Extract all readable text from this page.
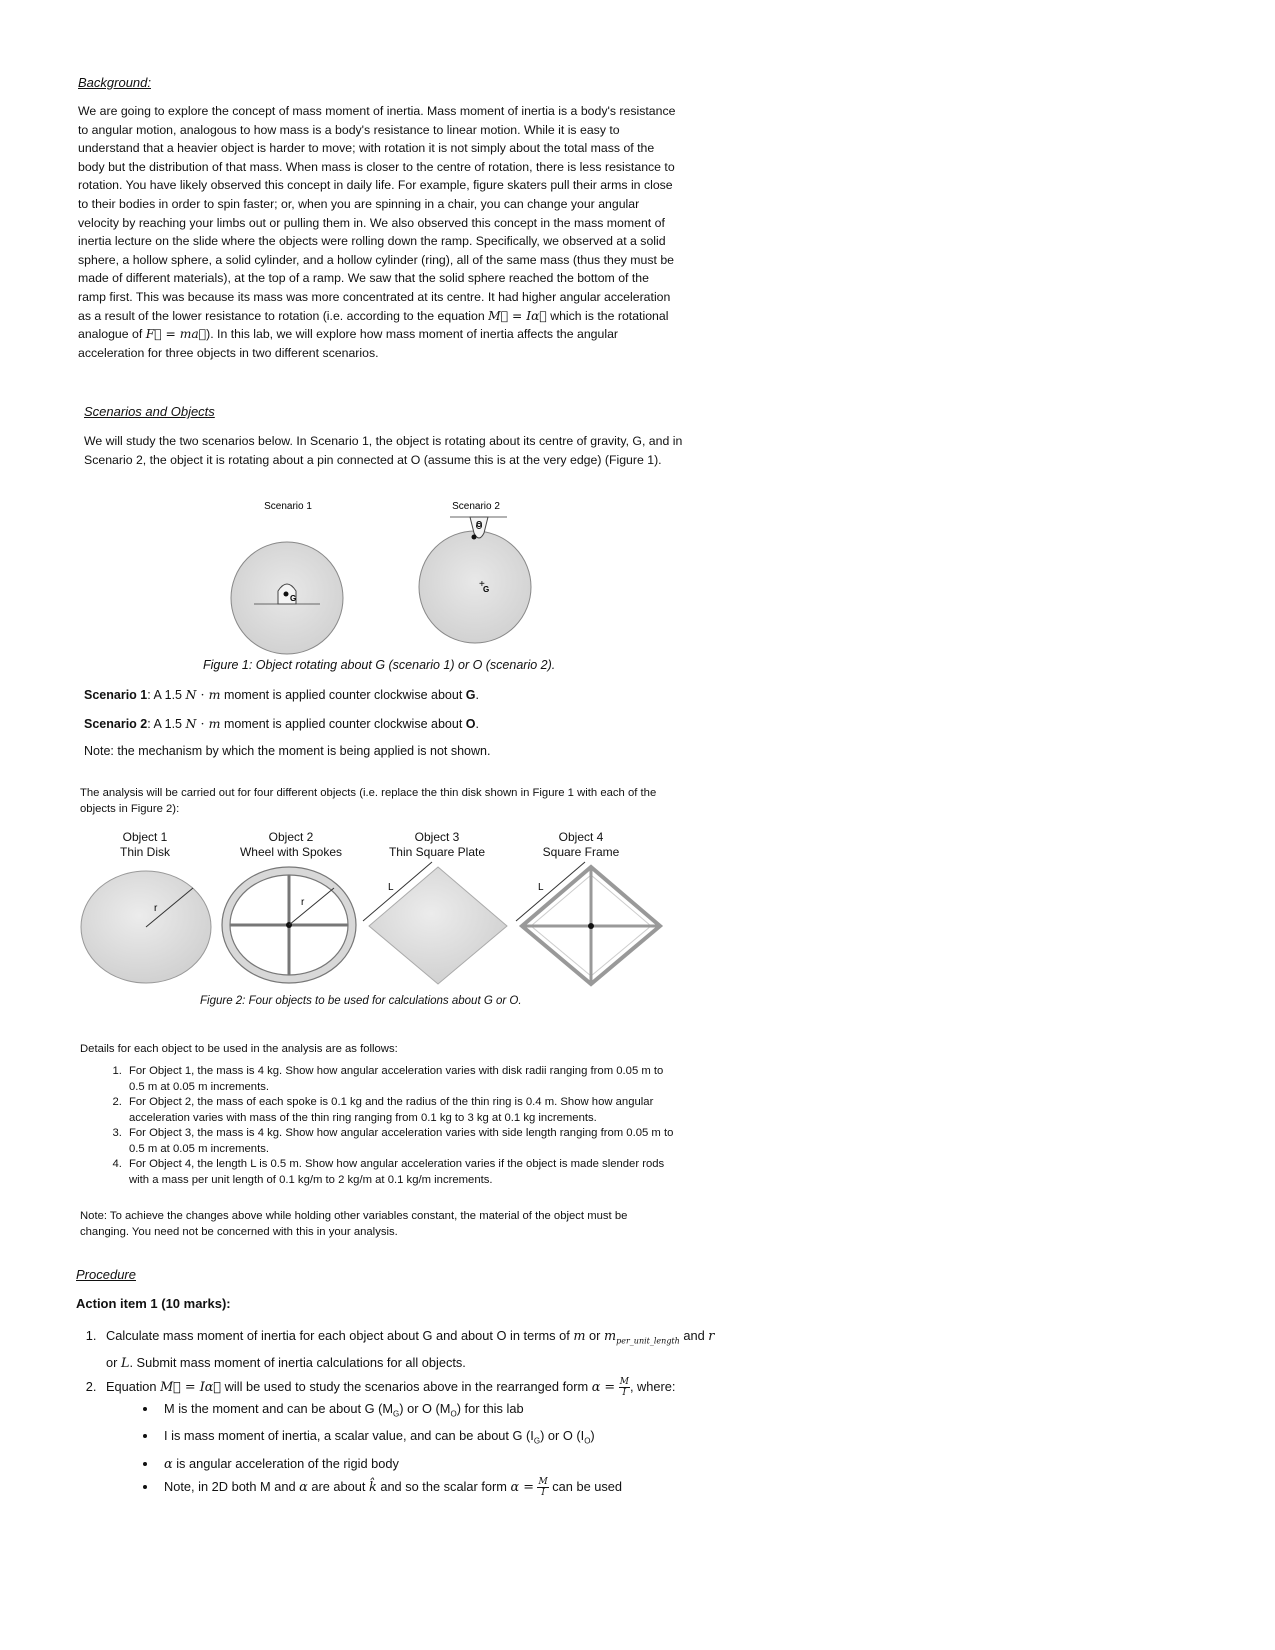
Background:

We are going to explore the concept of mass moment of inertia. Mass moment of inertia is a body's resistance to angular motion, analogous to how mass is a body's resistance to linear motion. While it is easy to understand that a heavier object is harder to move; with rotation it is not simply about the total mass of the body but the distribution of that mass. When mass is closer to the centre of rotation, there is less resistance to rotation. You have likely observed this concept in daily life. For example, figure skaters pull their arms in close to their bodies in order to spin faster; or, when you are spinning in a chair, you can change your angular velocity by reaching your limbs out or pulling them in. We also observed this concept in the mass moment of inertia lecture on the slide where the objects were rolling down the ramp. Specifically, we observed at a solid sphere, a hollow sphere, a solid cylinder, and a hollow cylinder (ring), all of the same mass (thus they must be made of different materials), at the top of a ramp. We saw that the solid sphere reached the bottom of the ramp first. This was because its mass was more concentrated at its centre. It had higher angular acceleration as a result of the lower resistance to rotation (i.e. according to the equation M⃗ = Iα⃗ which is the rotational analogue of F⃗ = ma⃗). In this lab, we will explore how mass moment of inertia affects the angular acceleration for three objects in two different scenarios.

Scenarios and Objects
We will study the two scenarios below. In Scenario 1, the object is rotating about its centre of gravity, G, and in Scenario 2, the object it is rotating about a pin connected at O (assume this is at the very edge) (Figure 1).
Scenario 1	Scenario 2
G
O
+
G
Figure 1: Object rotating about G (scenario 1) or O (scenario 2).
Scenario 1: A 1.5 N ⋅ m moment is applied counter clockwise about G.
Scenario 2: A 1.5 N ⋅ m moment is applied counter clockwise about O.
Note: the mechanism by which the moment is being applied is not shown.
The analysis will be carried out for four different objects (i.e. replace the thin disk shown in Figure 1 with each of the objects in Figure 2):
Object 1
Thin Disk
Object 2
Wheel with Spokes
Object 3
Thin Square Plate
Object 4
Square Frame
r
r
L	L
Figure 2: Four objects to be used for calculations about G or O.
Details for each object to be used in the analysis are as follows:
1. For Object 1, the mass is 4 kg. Show how angular acceleration varies with disk radii ranging from 0.05 m to 0.5 m at 0.05 m increments.
2. For Object 2, the mass of each spoke is 0.1 kg and the radius of the thin ring is 0.4 m. Show how angular acceleration varies with mass of the thin ring ranging from 0.1 kg to 3 kg at 0.1 kg increments.
3. For Object 3, the mass is 4 kg. Show how angular acceleration varies with side length ranging from 0.05 m to 0.5 m at 0.05 m increments.
4. For Object 4, the length L is 0.5 m. Show how angular acceleration varies if the object is made slender rods with a mass per unit length of 0.1 kg/m to 2 kg/m at 0.1 kg/m increments.
Note: To achieve the changes above while holding other variables constant, the material of the object must be changing. You need not be concerned with this in your analysis.
Procedure
Action item 1 (10 marks):
1. Calculate mass moment of inertia for each object about G and about O in terms of m or $m_{per\_unit\_length}$ and r or L. Submit mass moment of inertia calculations for all objects.
2. Equation M⃗ = Iα⃗ will be used to study the scenarios above in the rearranged form $\alpha = \frac{M}{I}$ , where:
• M is the moment and can be about G $(M_G)$ or O $(M_O)$ for this lab
• I is mass moment of inertia, a scalar value, and can be about G $(I_G)$ or O $(I_O)$
• α is angular acceleration of the rigid body
• Note, in 2D both M and α are about k̂ and so the scalar form $\alpha = \frac{M}{I}$ can be used
